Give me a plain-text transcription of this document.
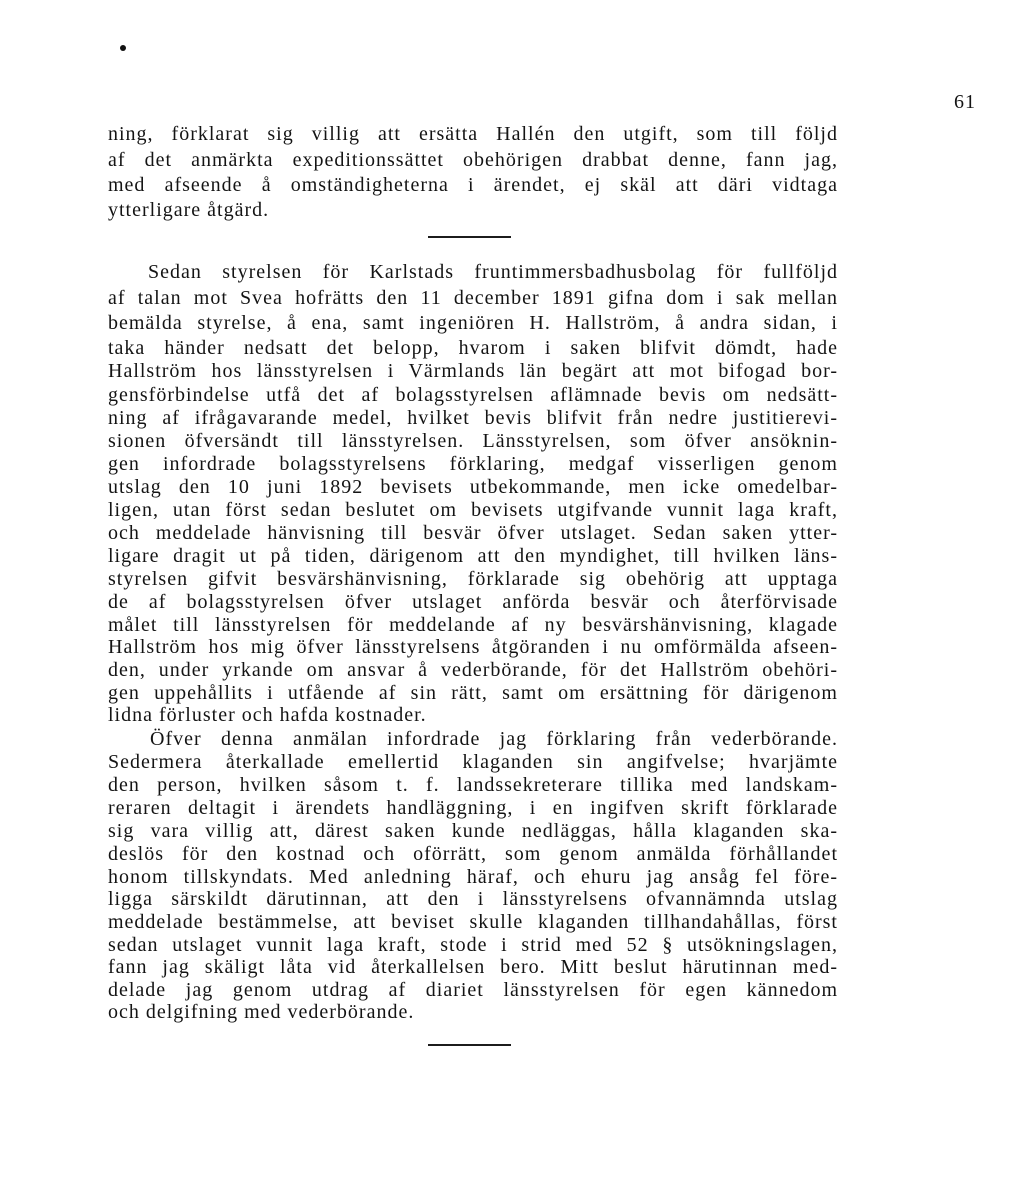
61
ning, förklarat sig villig att ersätta Hallén den utgift, som till följd
af det anmärkta expeditionssättet obehörigen drabbat denne, fann jag,
med afseende å omständigheterna i ärendet, ej skäl att däri vidtaga
ytterligare åtgärd.
Sedan styrelsen för Karlstads fruntimmersbadhusbolag för fullföljd
af talan mot Svea hofrätts den 11 december 1891 gifna dom i sak mellan
bemälda styrelse, å ena, samt ingeniören H. Hallström, å andra sidan, i
taka händer nedsatt det belopp, hvarom i saken blifvit dömdt, hade
Hallström hos länsstyrelsen i Värmlands län begärt att mot bifogad bor-
gensförbindelse utfå det af bolagsstyrelsen aflämnade bevis om nedsätt-
ning af ifrågavarande medel, hvilket bevis blifvit från nedre justitierevi-
sionen öfversändt till länsstyrelsen. Länsstyrelsen, som öfver ansöknin-
gen infordrade bolagsstyrelsens förklaring, medgaf visserligen genom
utslag den 10 juni 1892 bevisets utbekommande, men icke omedelbar-
ligen, utan först sedan beslutet om bevisets utgifvande vunnit laga kraft,
och meddelade hänvisning till besvär öfver utslaget. Sedan saken ytter-
ligare dragit ut på tiden, därigenom att den myndighet, till hvilken läns-
styrelsen gifvit besvärshänvisning, förklarade sig obehörig att upptaga
de af bolagsstyrelsen öfver utslaget anförda besvär och återförvisade
målet till länsstyrelsen för meddelande af ny besvärshänvisning, klagade
Hallström hos mig öfver länsstyrelsens åtgöranden i nu omförmälda afseen-
den, under yrkande om ansvar å vederbörande, för det Hallström obehöri-
gen uppehållits i utfående af sin rätt, samt om ersättning för därigenom
lidna förluster och hafda kostnader.
Öfver denna anmälan infordrade jag förklaring från vederbörande.
Sedermera återkallade emellertid klaganden sin angifvelse; hvarjämte
den person, hvilken såsom t. f. landssekreterare tillika med landskam-
reraren deltagit i ärendets handläggning, i en ingifven skrift förklarade
sig vara villig att, därest saken kunde nedläggas, hålla klaganden ska-
deslös för den kostnad och oförrätt, som genom anmälda förhållandet
honom tillskyndats. Med anledning häraf, och ehuru jag ansåg fel före-
ligga särskildt därutinnan, att den i länsstyrelsens ofvannämnda utslag
meddelade bestämmelse, att beviset skulle klaganden tillhandahållas, först
sedan utslaget vunnit laga kraft, stode i strid med 52 § utsökningslagen,
fann jag skäligt låta vid återkallelsen bero. Mitt beslut härutinnan med-
delade jag genom utdrag af diariet länsstyrelsen för egen kännedom
och delgifning med vederbörande.
